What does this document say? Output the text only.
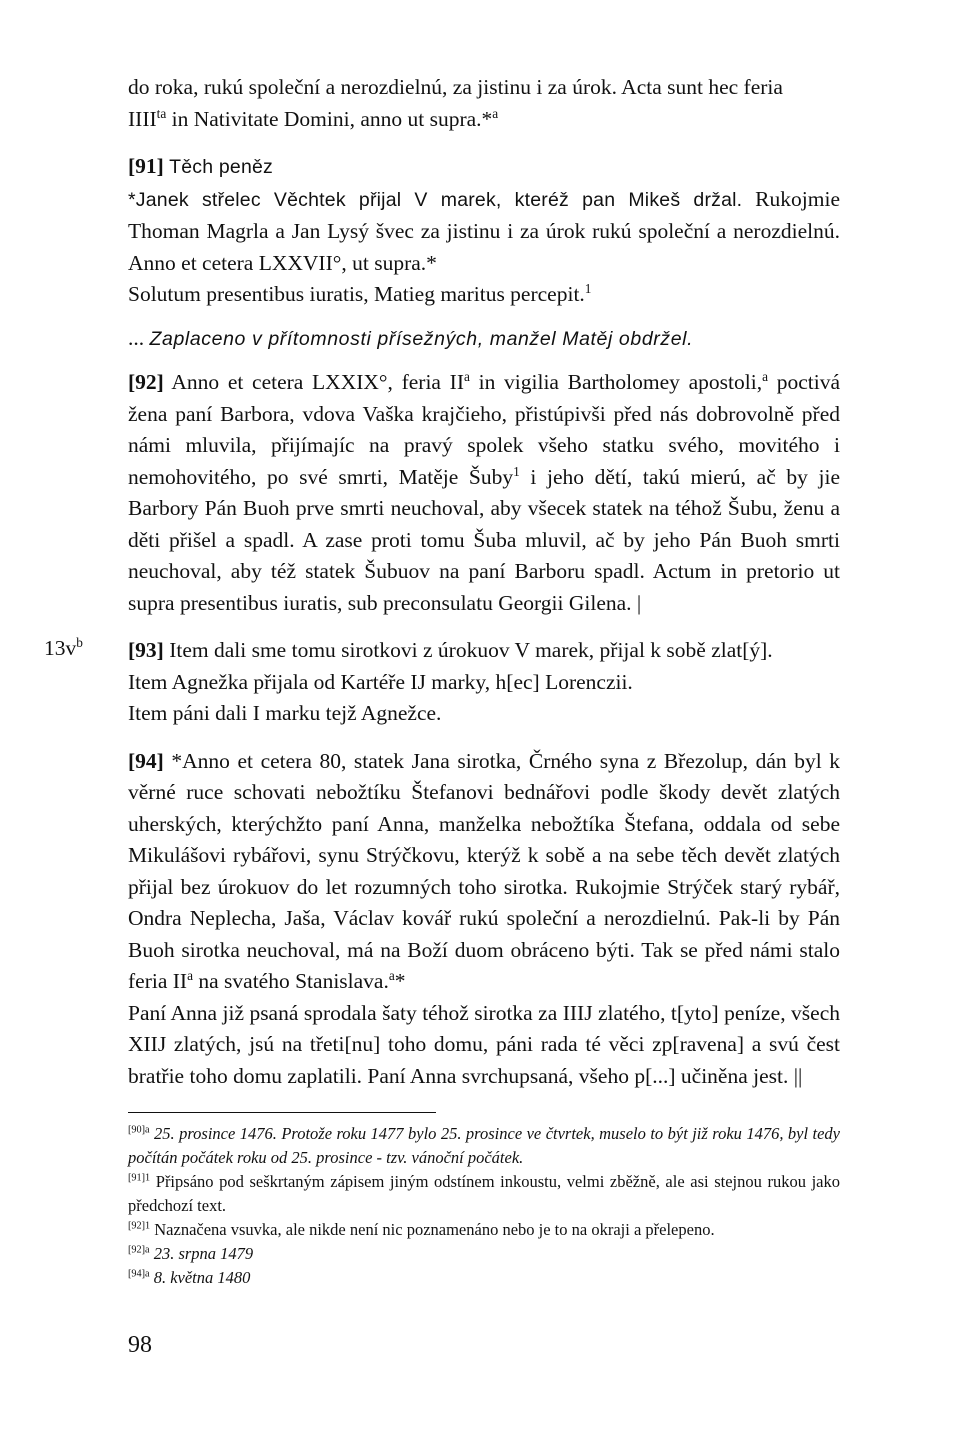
do roka, rukú společní a nerozdielnú, za jistinu i za úrok. Acta sunt hec feria
$IIII^{ta}$ in Nativitate Domini, anno ut supra.*$^a$

[91] Těch peněz
*Janek střelec Věchtek přijal V marek, kteréž pan Mikeš držal. Rukojmie Thoman Magrla a Jan Lysý švec za jistinu i za úrok rukú společní a nerozdielnú. Anno et cetera LXXVII°, ut supra.*
Solutum presentibus iuratis, Matieg maritus percepit.$^1$

... Zaplaceno v přítomnosti přísežných, manžel Matěj obdržel.

[92] Anno et cetera LXXIX°, feria $II^a$ in vigilia Bartholomey apostoli,$^a$ poctivá žena paní Barbora, vdova Vaška krajčieho, přistúpivši před nás dobrovolně před námi mluvila, přijímajíc na pravý spolek všeho statku svého, movitého i nemohovitého, po své smrti, Matěje Šuby$^1$ i jeho dětí, takú mierú, ač by jie Barbory Pán Buoh prve smrti neuchoval, aby všecek statek na téhož Šubu, ženu a děti přišel a spadl. A zase proti tomu Šuba mluvil, ač by jeho Pán Buoh smrti neuchoval, aby též statek Šubuov na paní Barboru spadl. Actum in pretorio ut supra presentibus iuratis, sub preconsulatu Georgii Gilena. |

[93] Item dali sme tomu sirotkovi z úrokuov V marek, přijal k sobě zlat[ý].
Item Agnežka přijala od Kartéře IJ marky, h[ec] Lorenczii.
Item páni dali I marku tejž Agnežce.

[94] *Anno et cetera 80, statek Jana sirotka, Črného syna z Březolup, dán byl k věrné ruce schovati nebožtíku Štefanovi bednářovi podle škody devět zlatých uherských, kterýchžto paní Anna, manželka nebožtíka Štefana, oddala od sebe Mikulášovi rybářovi, synu Strýčkovu, kterýž k sobě a na sebe těch devět zlatých přijal bez úrokuov do let rozumných toho sirotka. Rukojmie Strýček starý rybář, Ondra Neplecha, Jaša, Václav kovář rukú společní a nerozdielnú. Pak-li by Pán Buoh sirotka neuchoval, má na Boží duom obráceno býti. Tak se před námi stalo feria $II^a$ na svatého Stanislava.$^a$*
Paní Anna již psaná sprodala šaty téhož sirotka za IIIJ zlatého, t[yto] peníze, všech XIIJ zlatých, jsú na třeti[nu] toho domu, páni rada té věci zp[ravena] a svú čest bratřie toho domu zaplatili. Paní Anna svrchupsaná, všeho p[...] učiněna jest. ||

$13v^b$

$^{[90]a}$ 25. prosince 1476. Protože roku 1477 bylo 25. prosince ve čtvrtek, muselo to být již roku 1476, byl tedy počítán počátek roku od 25. prosince - tzv. vánoční počátek.

$^{[91]1}$ Připsáno pod seškrtaným zápisem jiným odstínem inkoustu, velmi zběžně, ale asi stejnou rukou jako předchozí text.

$^{[92]1}$ Naznačena vsuvka, ale nikde není nic poznamenáno nebo je to na okraji a přelepeno.

$^{[92]a}$ 23. srpna 1479

$^{[94]a}$ 8. května 1480

98
